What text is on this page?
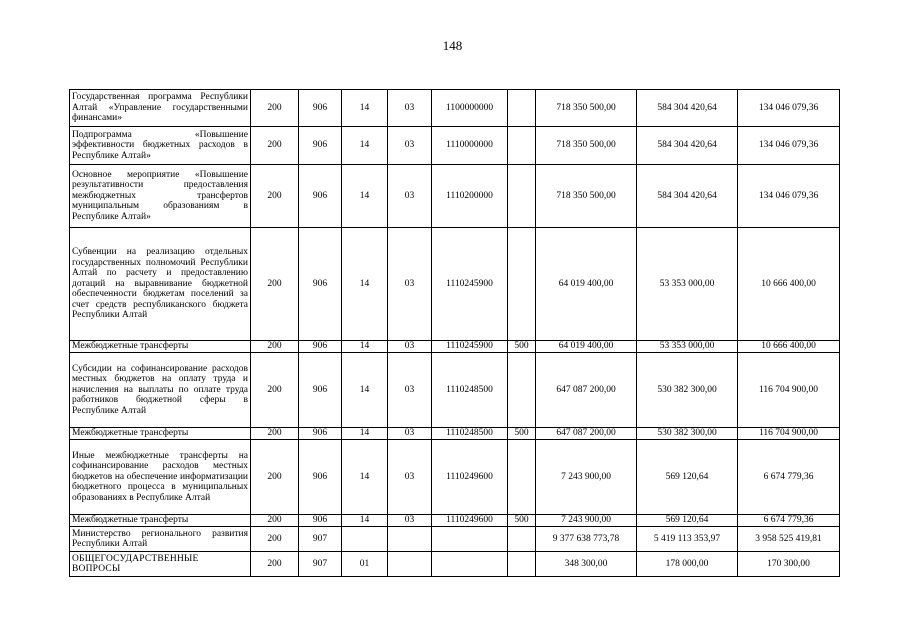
148
Государственная программа Республики Алтай «Управление государственными финансами»	200	906	14	03	1100000000		718 350 500,00	584 304 420,64	134 046 079,36
Подпрограмма «Повышение эффективности бюджетных расходов в Республике Алтай»	200	906	14	03	1110000000		718 350 500,00	584 304 420,64	134 046 079,36
Основное мероприятие «Повышение результативности предоставления межбюджетных трансфертов муниципальным образованиям в Республике Алтай»	200	906	14	03	1110200000		718 350 500,00	584 304 420,64	134 046 079,36
Субвенции на реализацию отдельных государственных полномочий Республики Алтай по расчету и предоставлению дотаций на выравнивание бюджетной обеспеченности бюджетам поселений за счет средств республиканского бюджета Республики Алтай	200	906	14	03	1110245900		64 019 400,00	53 353 000,00	10 666 400,00
Межбюджетные трансферты	200	906	14	03	1110245900	500	64 019 400,00	53 353 000,00	10 666 400,00
Субсидии на софинансирование расходов местных бюджетов на оплату труда и начисления на выплаты по оплате труда работников бюджетной сферы в Республике Алтай	200	906	14	03	1110248500		647 087 200,00	530 382 300,00	116 704 900,00
Межбюджетные трансферты	200	906	14	03	1110248500	500	647 087 200,00	530 382 300,00	116 704 900,00
Иные межбюджетные трансферты на софинансирование расходов местных бюджетов на обеспечение информатизации бюджетного процесса в муниципальных образованиях в Республике Алтай	200	906	14	03	1110249600		7 243 900,00	569 120,64	6 674 779,36
Межбюджетные трансферты	200	906	14	03	1110249600	500	7 243 900,00	569 120,64	6 674 779,36
Министерство регионального развития Республики Алтай	200	907					9 377 638 773,78	5 419 113 353,97	3 958 525 419,81
ОБЩЕГОСУДАРСТВЕННЫЕ ВОПРОСЫ	200	907	01				348 300,00	178 000,00	170 300,00
